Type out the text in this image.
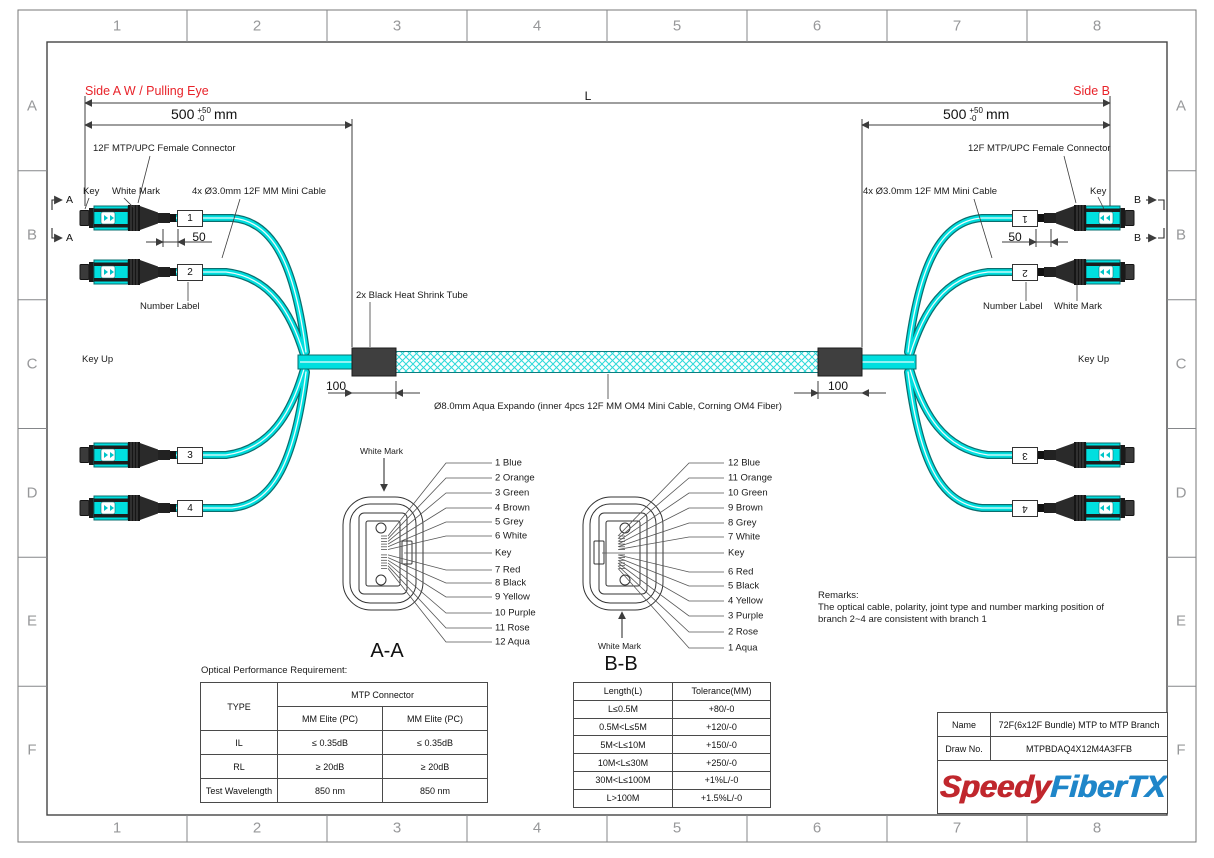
Side A W / Pulling Eye	Side B
L
500 +50
-0 mm	500 +50
-0 mm
12F MTP/UPC Female Connector	12F MTP/UPC Female Connector
Key White Mark	4x Ø3.0mm 12F MM Mini Cable	4x Ø3.0mm 12F MM Mini Cable	Key
A
A
B
B
50	50
2x Black Heat Shrink Tube
Number Label	Number Label White Mark
Key Up	Key Up
100	100
Ø8.0mm Aqua Expando (inner 4pcs 12F MM OM4 Mini Cable, Corning OM4 Fiber)
1
2
3
4
1
2
3
4
White Mark
A-A	White Mark
B-B
Remarks:
The optical cable, polarity, joint type and number marking position of
branch 2~4 are consistent with branch 1
Optical Performance Requirement:
TYPE	MTP Connector	
	MM Elite (PC)	MM Elite (PC)
IL	≤ 0.35dB	≤ 0.35dB
RL	≥ 20dB	≥ 20dB
Test Wavelength	850 nm	850 nm
Length(L)	Tolerance(MM)
L≤0.5M	+80/-0
0.5M<L≤5M	+120/-0
5M<L≤10M	+150/-0
10M<L≤30M	+250/-0
30M<L≤100M	+1%L/-0
L>100M	+1.5%L/-0
Name	72F(6x12F Bundle) MTP to MTP Branch
Draw No.	MTPBDAQ4X12M4A3FFB
SpeedyFiberTX	
1
1
2
2
3
3
4
4
5
5
6
6
7
7
8
8
A	A
B	B
C	C
D	D
E	E
F	F
1 Blue
2 Orange
3 Green
4 Brown
5 Grey
6 White
Key
7 Red
8 Black
9 Yellow
10 Purple
11 Rose
12 Aqua
12 Blue
11 Orange
10 Green
9 Brown
8 Grey
7 White
Key
6 Red
5 Black
4 Yellow
3 Purple
2 Rose
1 Aqua
